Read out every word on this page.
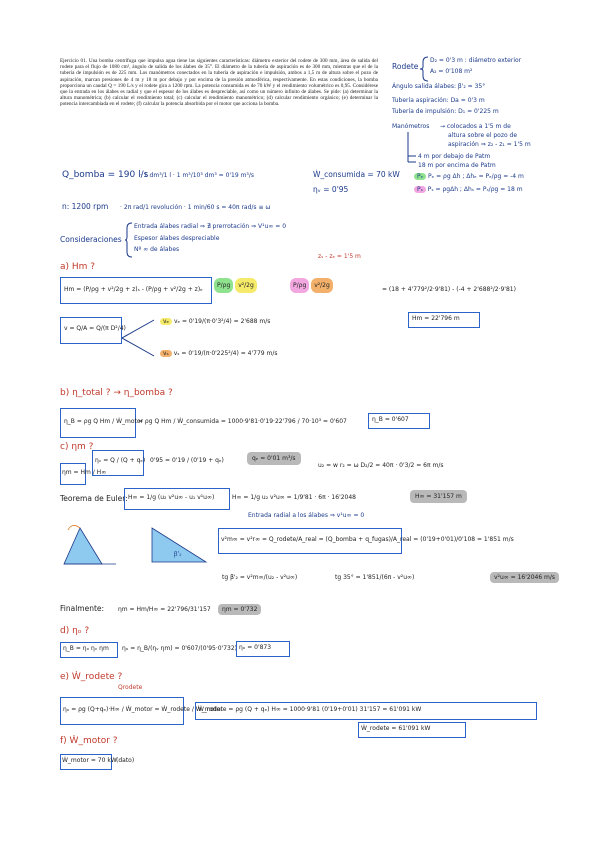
Ejercicio 01. Una bomba centrífuga que impulsa agua tiene las siguientes características: diámetro exterior del rodete de 300 mm, área de salida del rodete para el flujo de 1080 cm², ángulo de salida de los álabes de 35°. El diámetro de la tubería de aspiración es de 300 mm, mientras que el de la tubería de impulsión es de 225 mm. Los manómetros conectados en la tubería de aspiración e impulsión, ambos a 1,5 m de altura sobre el pozo de aspiración, marcan presiones de 4 m y 18 m por debajo y por encima de la presión atmosférica, respectivamente. En estas condiciones, la bomba proporciona un caudal Q = 190 L/s y el rodete gira a 1200 rpm. La potencia consumida es de 70 kW y el rendimiento volumétrico es 0,95. Considérese que la entrada en los álabes es radial y que el espesor de los álabes es despreciable, así como un número infinito de álabes. Se pide: (a) determinar la altura manométrica; (b) calcular el rendimiento total; (c) calcular el rendimiento manométrico; (d) calcular rendimiento orgánico; (e) determinar la potencia intercambiada en el rodete; (f) calcular la potencia absorbida por el motor que acciona la bomba.
Rodete
D₂ = 0'3 m : diámetro exterior
A₂ = 0'108 m²
Ángulo salida álabes: β'₂ = 35°
Tubería aspiración: Da = 0'3 m
Tubería de impulsión: D₁ = 0'225 m
Manómetros → colocados a 1'5 m de
altura sobre el pozo de
aspiración ⇒ z₂ - z₁ = 1'5 m
4 m por debajo de Patm
18 m por encima de Patm
Pₑ Pₑ = ρg Δh ; Δhₑ = Pₑ/ρg = -4 m
Pₛ Pₛ = ρgΔh ; Δhₛ = Pₛ/ρg = 18 m
Q_bomba = 190 l/s
· 1 dm³/1 l · 1 m³/10³ dm³ = 0'19 m³/s	Ẇ_consumida = 70 kW
ηᵥ = 0'95
n: 1200 rpm · 2π rad/1 revolución · 1 min/60 s = 40π rad/s ≡ ω
Consideraciones
Entrada álabes radial ⇒ ∄ prerrotación ⇒ V¹u∞ = 0
Espesor álabes despreciable
Nº ∞ de álabes
a) Hm ?
zₛ - zₑ = 1'5 m
Hm = (P/ρg + v²/2g + z)ₛ - (P/ρg + v²/2g + z)ₑ
P/ρg v²/2g	P/ρg v²/2g
= (18 + 4'779²/2·9'81) - (-4 + 2'688²/2·9'81)
v = Q/A = Q/(π D²/4)
vₑ vₑ = 0'19/(π·0'3²/4) = 2'688 m/s
vₛ vₛ = 0'19/(π·0'225²/4) = 4'779 m/s
Hm = 22'796 m
b) η_total ? → η_bomba ?
η_B = ρg Q Hm / Ẇ_motor
= ρg Q Hm / Ẇ_consumida = 1000·9'81·0'19·22'796 / 70·10³ = 0'607	η_B = 0'607
c) ηm ?
ηm = Hm / H∞
ηᵥ = Q / (Q + qₑ) 0'95 = 0'19 / (0'19 + qₑ)	qₑ = 0'01 m³/s
u₂ = w r₂ = ω D₂/2 = 40π · 0'3/2 = 6π m/s
Teorema de Euler: H∞ = 1/g (u₂ v²u∞ - u₁ v¹u∞)	H∞ = 1/g u₂ v²u∞ = 1/9'81 · 6π · 16'2048	H∞ = 31'157 m
Entrada radial a los álabes ⇒ v¹u∞ = 0
β'₂
v²m∞ = v²r∞ = Q_rodete/A_real = (Q_bomba + q_fugas)/A_real = (0'19+0'01)/0'108 = 1'851 m/s
tg β'₂ = v²m∞/(u₂ - v²u∞)	tg 35° = 1'851/(6π - v²u∞)	v²u∞ = 16'2046 m/s
Finalmente: ηm = Hm/H∞ = 22'796/31'157	ηm = 0'732
d) ηₒ ?
η_B = ηₒ ηᵥ ηm ηₒ = η_B/(ηᵥ ηm) = 0'607/(0'95·0'732) ηₒ = 0'873
e) Ẇ_rodete ?
Qrodete
ηₒ = ρg (Q+qₑ)·H∞ / Ẇ_motor = Ẇ_rodete / Ẇ_motor
Ẇ_rodete = ρg (Q + qₑ) H∞ = 1000·9'81 (0'19+0'01) 31'157 = 61'091 kW
Ẇ_rodete = 61'091 kW
f) Ẇ_motor ?
Ẇ_motor = 70 kW (dato)
